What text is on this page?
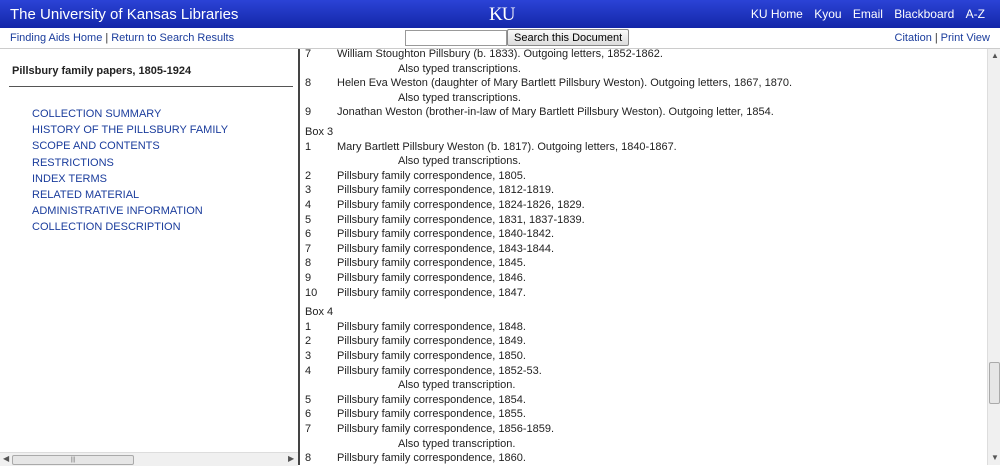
The University of Kansas Libraries	KU	KU Home Kyou Email Blackboard A-Z
Finding Aids Home | Return to Search Results	Search this Document	Citation | Print View
Pillsbury family papers, 1805-1924
COLLECTION SUMMARY
HISTORY OF THE PILLSBURY FAMILY
SCOPE AND CONTENTS
RESTRICTIONS
INDEX TERMS
RELATED MATERIAL
ADMINISTRATIVE INFORMATION
COLLECTION DESCRIPTION
◀	|||	▶
7 William Stoughton Pillsbury (b. 1833). Outgoing letters, 1852-1862.
Also typed transcriptions.
8 Helen Eva Weston (daughter of Mary Bartlett Pillsbury Weston). Outgoing letters, 1867, 1870.
Also typed transcriptions.
9 Jonathan Weston (brother-in-law of Mary Bartlett Pillsbury Weston). Outgoing letter, 1854.
Box 3
1 Mary Bartlett Pillsbury Weston (b. 1817). Outgoing letters, 1840-1867.
Also typed transcriptions.
2 Pillsbury family correspondence, 1805.
3 Pillsbury family correspondence, 1812-1819.
4 Pillsbury family correspondence, 1824-1826, 1829.
5 Pillsbury family correspondence, 1831, 1837-1839.
6 Pillsbury family correspondence, 1840-1842.
7 Pillsbury family correspondence, 1843-1844.
8 Pillsbury family correspondence, 1845.
9 Pillsbury family correspondence, 1846.
10 Pillsbury family correspondence, 1847.
Box 4
1 Pillsbury family correspondence, 1848.
2 Pillsbury family correspondence, 1849.
3 Pillsbury family correspondence, 1850.
4 Pillsbury family correspondence, 1852-53.
Also typed transcription.
5 Pillsbury family correspondence, 1854.
6 Pillsbury family correspondence, 1855.
7 Pillsbury family correspondence, 1856-1859.
Also typed transcription.
8 Pillsbury family correspondence, 1860.
▲
▼
